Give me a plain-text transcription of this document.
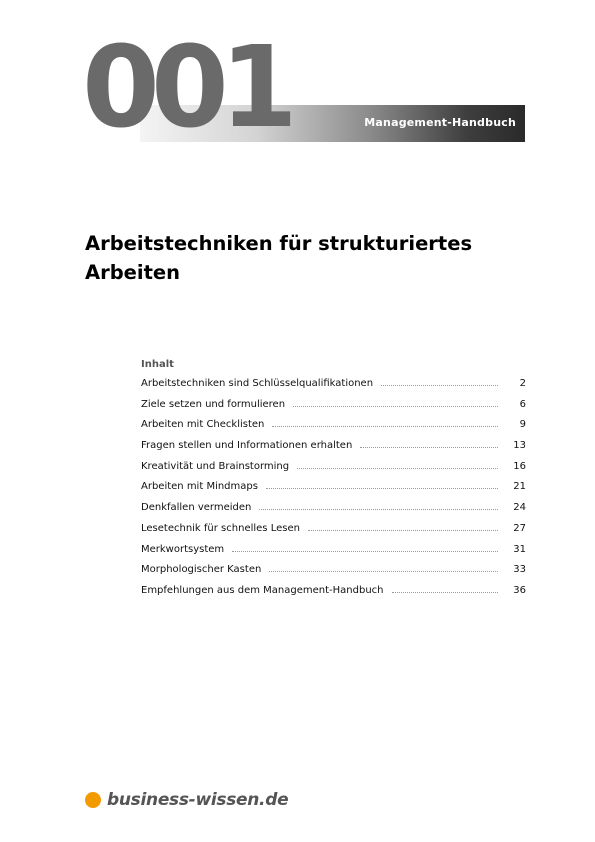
001	Management-Handbuch
Arbeitstechniken für strukturiertes Arbeiten
Inhalt
Arbeitstechniken sind Schlüsselqualifikationen	2
Ziele setzen und formulieren	6
Arbeiten mit Checklisten	9
Fragen stellen und Informationen erhalten	13
Kreativität und Brainstorming	16
Arbeiten mit Mindmaps	21
Denkfallen vermeiden	24
Lesetechnik für schnelles Lesen	27
Merkwortsystem	31
Morphologischer Kasten	33
Empfehlungen aus dem Management-Handbuch	36
business-wissen.de
